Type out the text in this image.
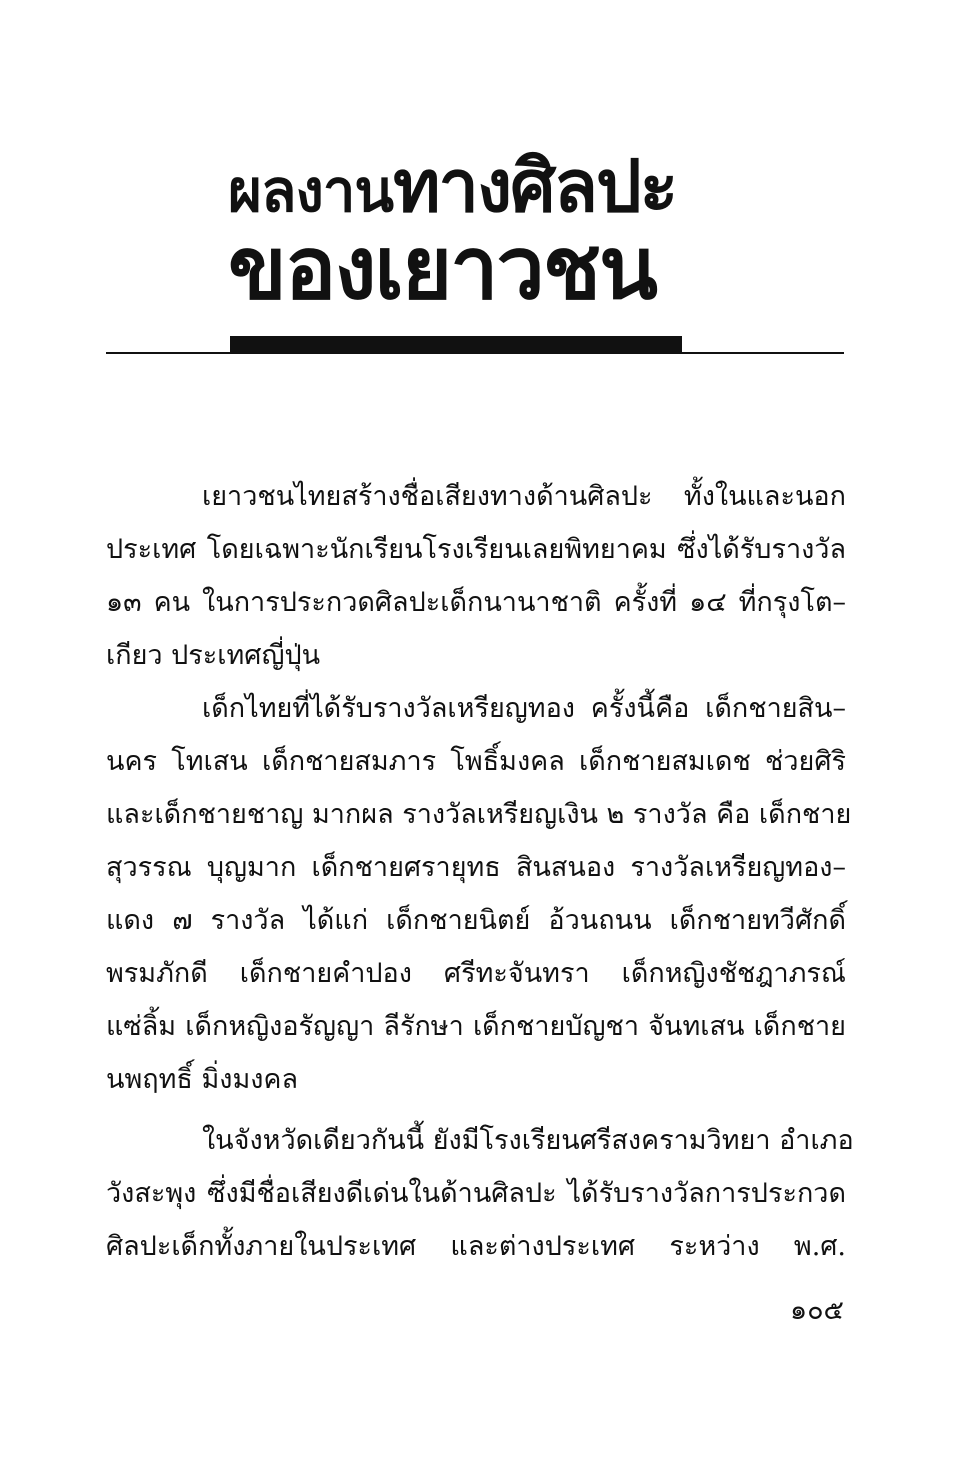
ผลงานทางศิลปะ
ของเยาวชน
เยาวชนไทยสร้างชื่อเสียงทางด้านศิลปะ ทั้งในและนอก
ประเทศ โดยเฉพาะนักเรียนโรงเรียนเลยพิทยาคม ซึ่งได้รับรางวัล
๑๓ คน ในการประกวดศิลปะเด็กนานาชาติ ครั้งที่ ๑๔ ที่กรุงโต–
เกียว ประเทศญี่ปุ่น
เด็กไทยที่ได้รับรางวัลเหรียญทอง ครั้งนี้คือ เด็กชายสิน–
นคร โทเสน เด็กชายสมภาร โพธิ์มงคล เด็กชายสมเดช ช่วยศิริ
และเด็กชายชาญ มากผล รางวัลเหรียญเงิน ๒ รางวัล คือ เด็กชาย
สุวรรณ บุญมาก เด็กชายศรายุทธ สินสนอง รางวัลเหรียญทอง–
แดง ๗ รางวัล ได้แก่ เด็กชายนิตย์ อ้วนถนน เด็กชายทวีศักดิ์
พรมภักดี เด็กชายคำปอง ศรีทะจันทรา เด็กหญิงชัชฎาภรณ์
แซ่ลิ้ม เด็กหญิงอรัญญา ลีรักษา เด็กชายบัญชา จันทเสน เด็กชาย
นพฤทธิ์ มิ่งมงคล
ในจังหวัดเดียวกันนี้ ยังมีโรงเรียนศรีสงครามวิทยา อำเภอ
วังสะพุง ซึ่งมีชื่อเสียงดีเด่นในด้านศิลปะ ได้รับรางวัลการประกวด
ศิลปะเด็กทั้งภายในประเทศ และต่างประเทศ ระหว่าง พ.ศ.
๑๐๕
